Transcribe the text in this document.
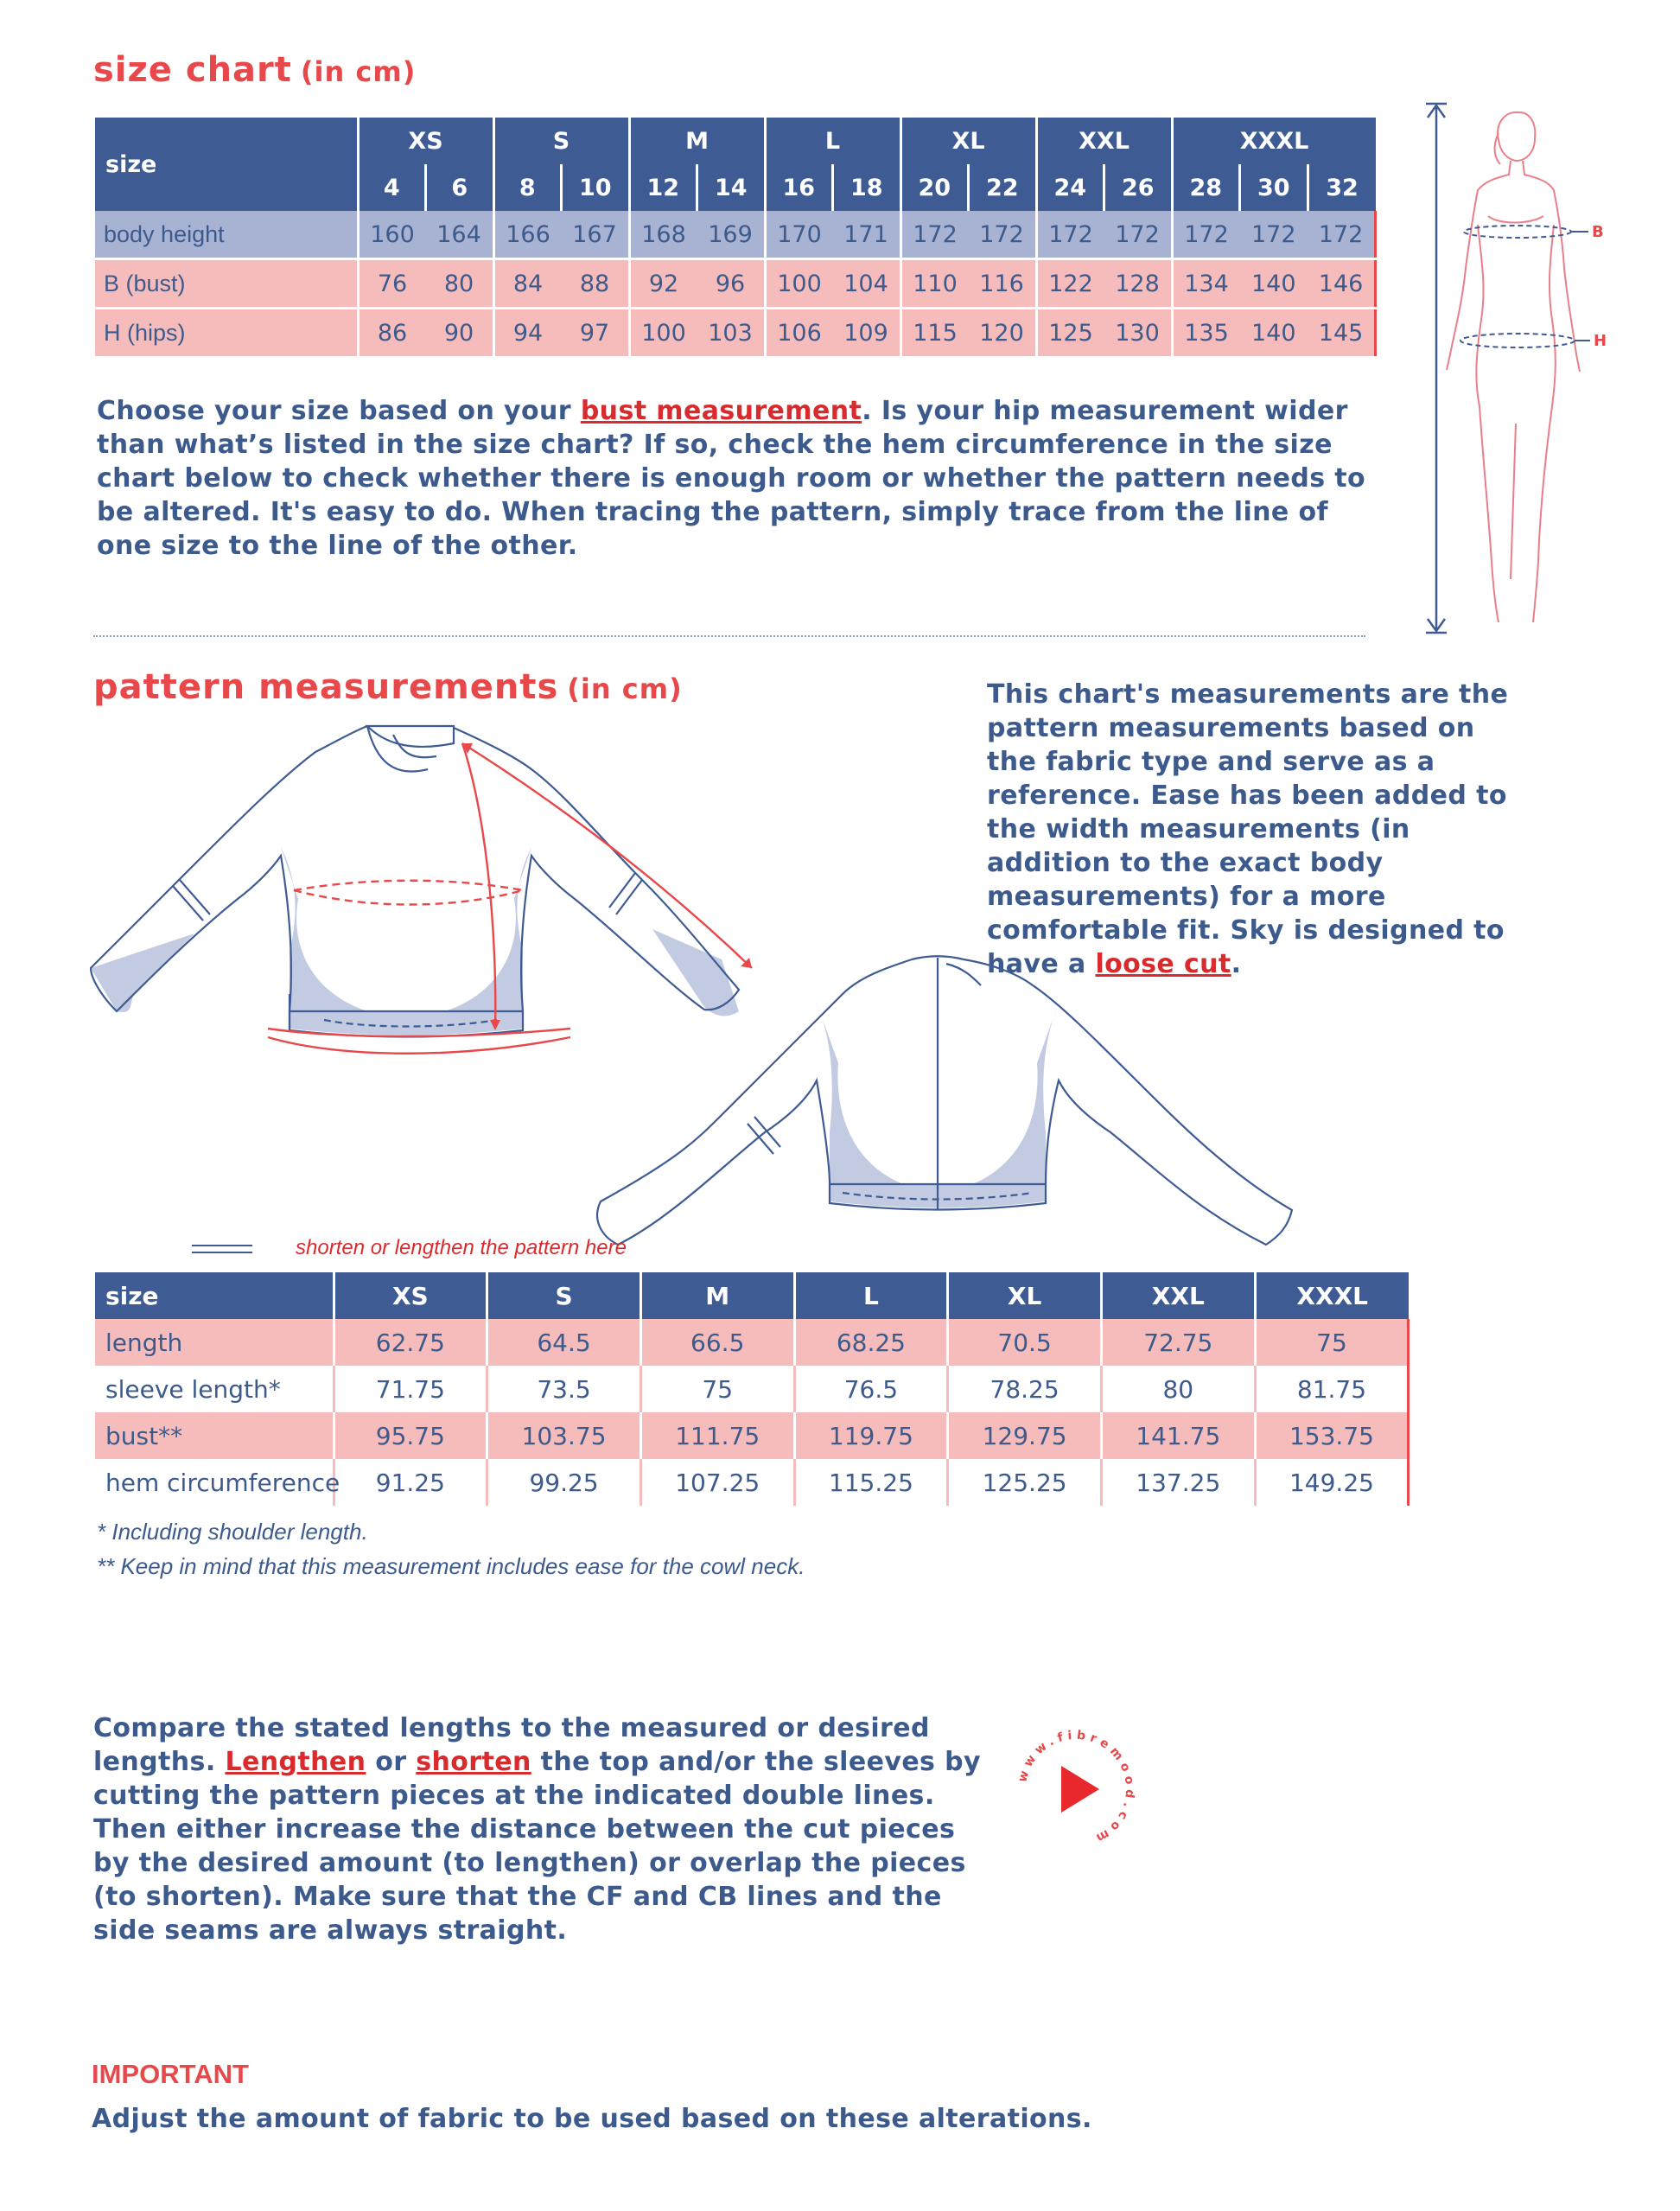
size chart (in cm)
size	XS		S		M		L		XL		XXL		XXXL		
	4	6	8	10	12	14	16	18	20	22	24	26	28	30	32
body height	160	164	166	167	168	169	170	171	172	172	172	172	172	172	172
B (bust)	76	80	84	88	92	96	100	104	110	116	122	128	134	140	146
H (hips)	86	90	94	97	100	103	106	109	115	120	125	130	135	140	145
B
H
Choose your size based on your bust measurement. Is your hip measurement wider than what’s listed in the size chart? If so, check the hem circumference in the size chart below to check whether there is enough room or whether the pattern needs to be altered. It's easy to do. When tracing the pattern, simply trace from the line of one size to the line of the other.
pattern measurements (in cm)	This chart's measurements are the pattern measurements based on the fabric type and serve as a reference. Ease has been added to the width measurements (in addition to the exact body measurements) for a more comfortable fit. Sky is designed to have a loose cut.
shorten or lengthen the pattern here
size	XS	S	M	L	XL	XXL	XXXL
length	62.75	64.5	66.5	68.25	70.5	72.75	75
sleeve length*	71.75	73.5	75	76.5	78.25	80	81.75
bust**	95.75	103.75	111.75	119.75	129.75	141.75	153.75
hem circumference	91.25	99.25	107.25	115.25	125.25	137.25	149.25
* Including shoulder length.
** Keep in mind that this measurement includes ease for the cowl neck.
Compare the stated lengths to the measured or desired lengths. Lengthen or shorten the top and/or the sleeves by cutting the pattern pieces at the indicated double lines. Then either increase the distance between the cut pieces by the desired amount (to lengthen) or overlap the pieces (to shorten). Make sure that the CF and CB lines and the side seams are always straight.
www.fibremood.com
IMPORTANT
Adjust the amount of fabric to be used based on these alterations.
